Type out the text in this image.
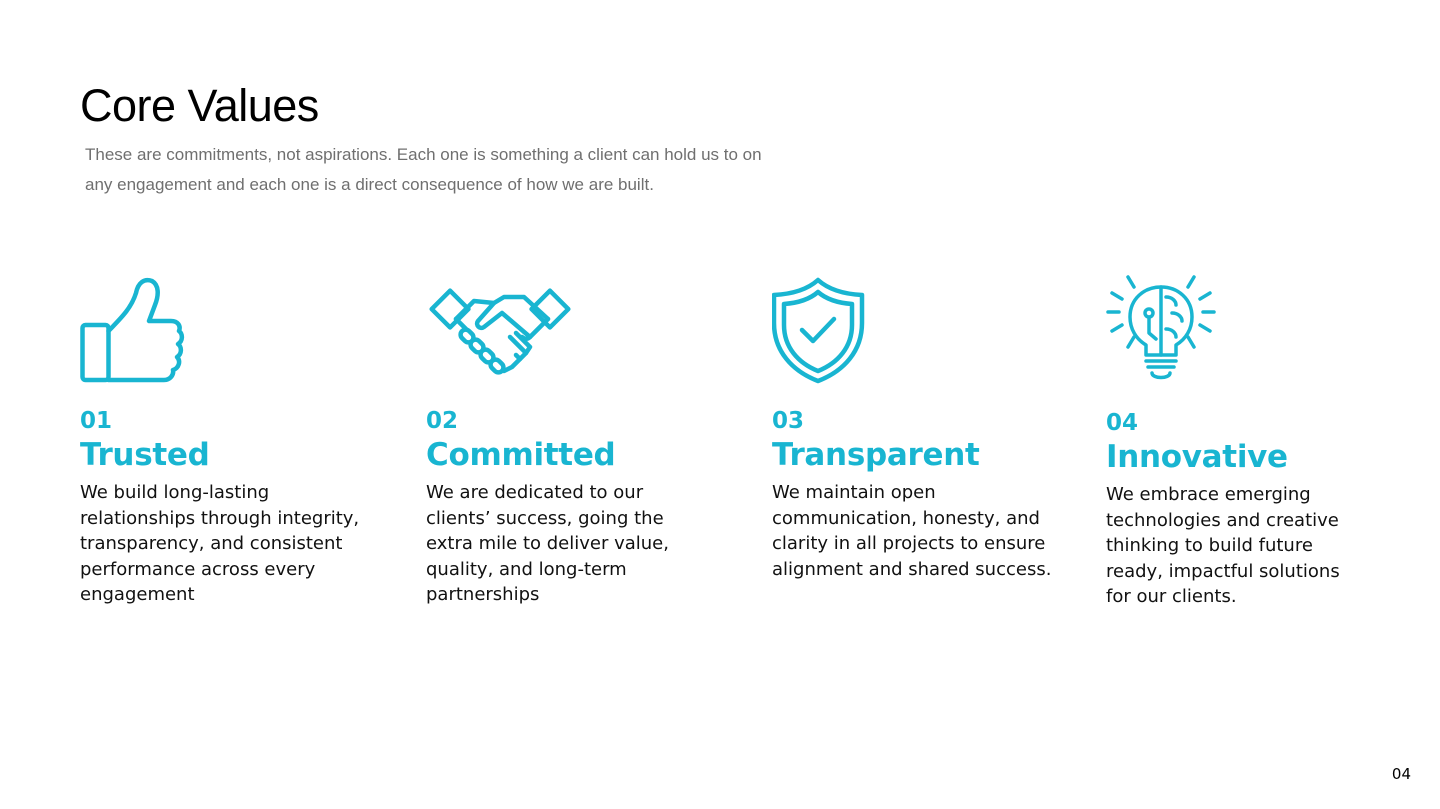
Core Values

These are commitments, not aspirations. Each one is something a client can hold us to on any engagement and each one is a direct consequence of how we are built.

01
Trusted
We build long-lasting relationships through integrity, transparency, and consistent performance across every engagement
02
Committed
We are dedicated to our clients’ success, going the extra mile to deliver value, quality, and long-term partnerships
03
Transparent
We maintain open communication, honesty, and clarity in all projects to ensure alignment and shared success.
04
Innovative
We embrace emerging technologies and creative thinking to build future ready, impactful solutions for our clients.
04
